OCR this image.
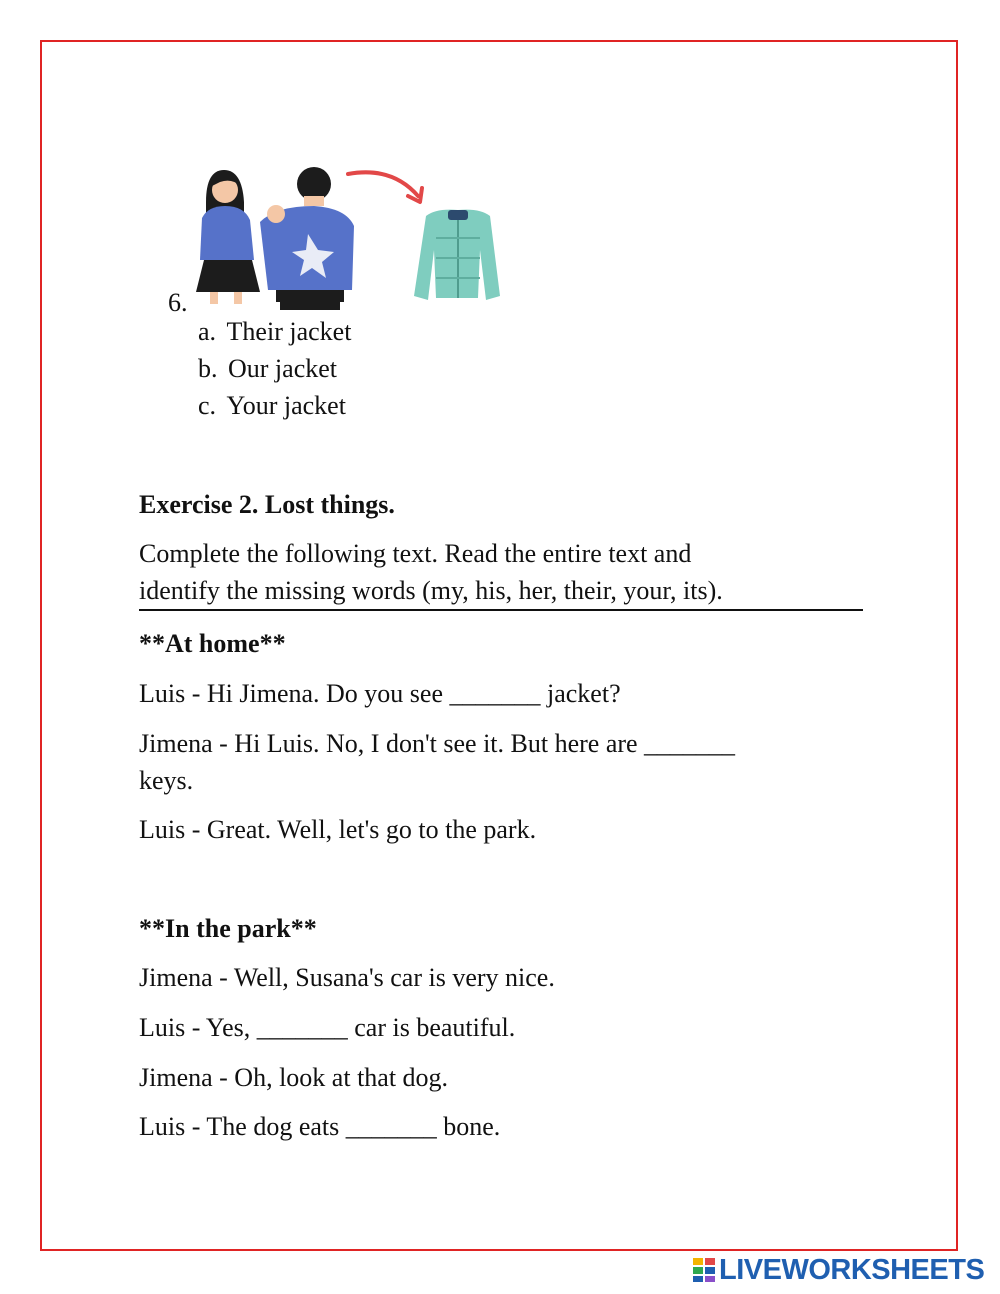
6.
a. Their jacket
b. Our jacket
c. Your jacket
Exercise 2. Lost things.
Complete the following text. Read the entire text and
identify the missing words (my, his, her, their, your, its).
**At home**
Luis - Hi Jimena. Do you see _______ jacket?
Jimena - Hi Luis. No, I don't see it. But here are _______
keys.
Luis - Great. Well, let's go to the park.
**In the park**
Jimena - Well, Susana's car is very nice.
Luis - Yes, _______ car is beautiful.
Jimena - Oh, look at that dog.
Luis - The dog eats _______ bone.
LIVEWORKSHEETS
